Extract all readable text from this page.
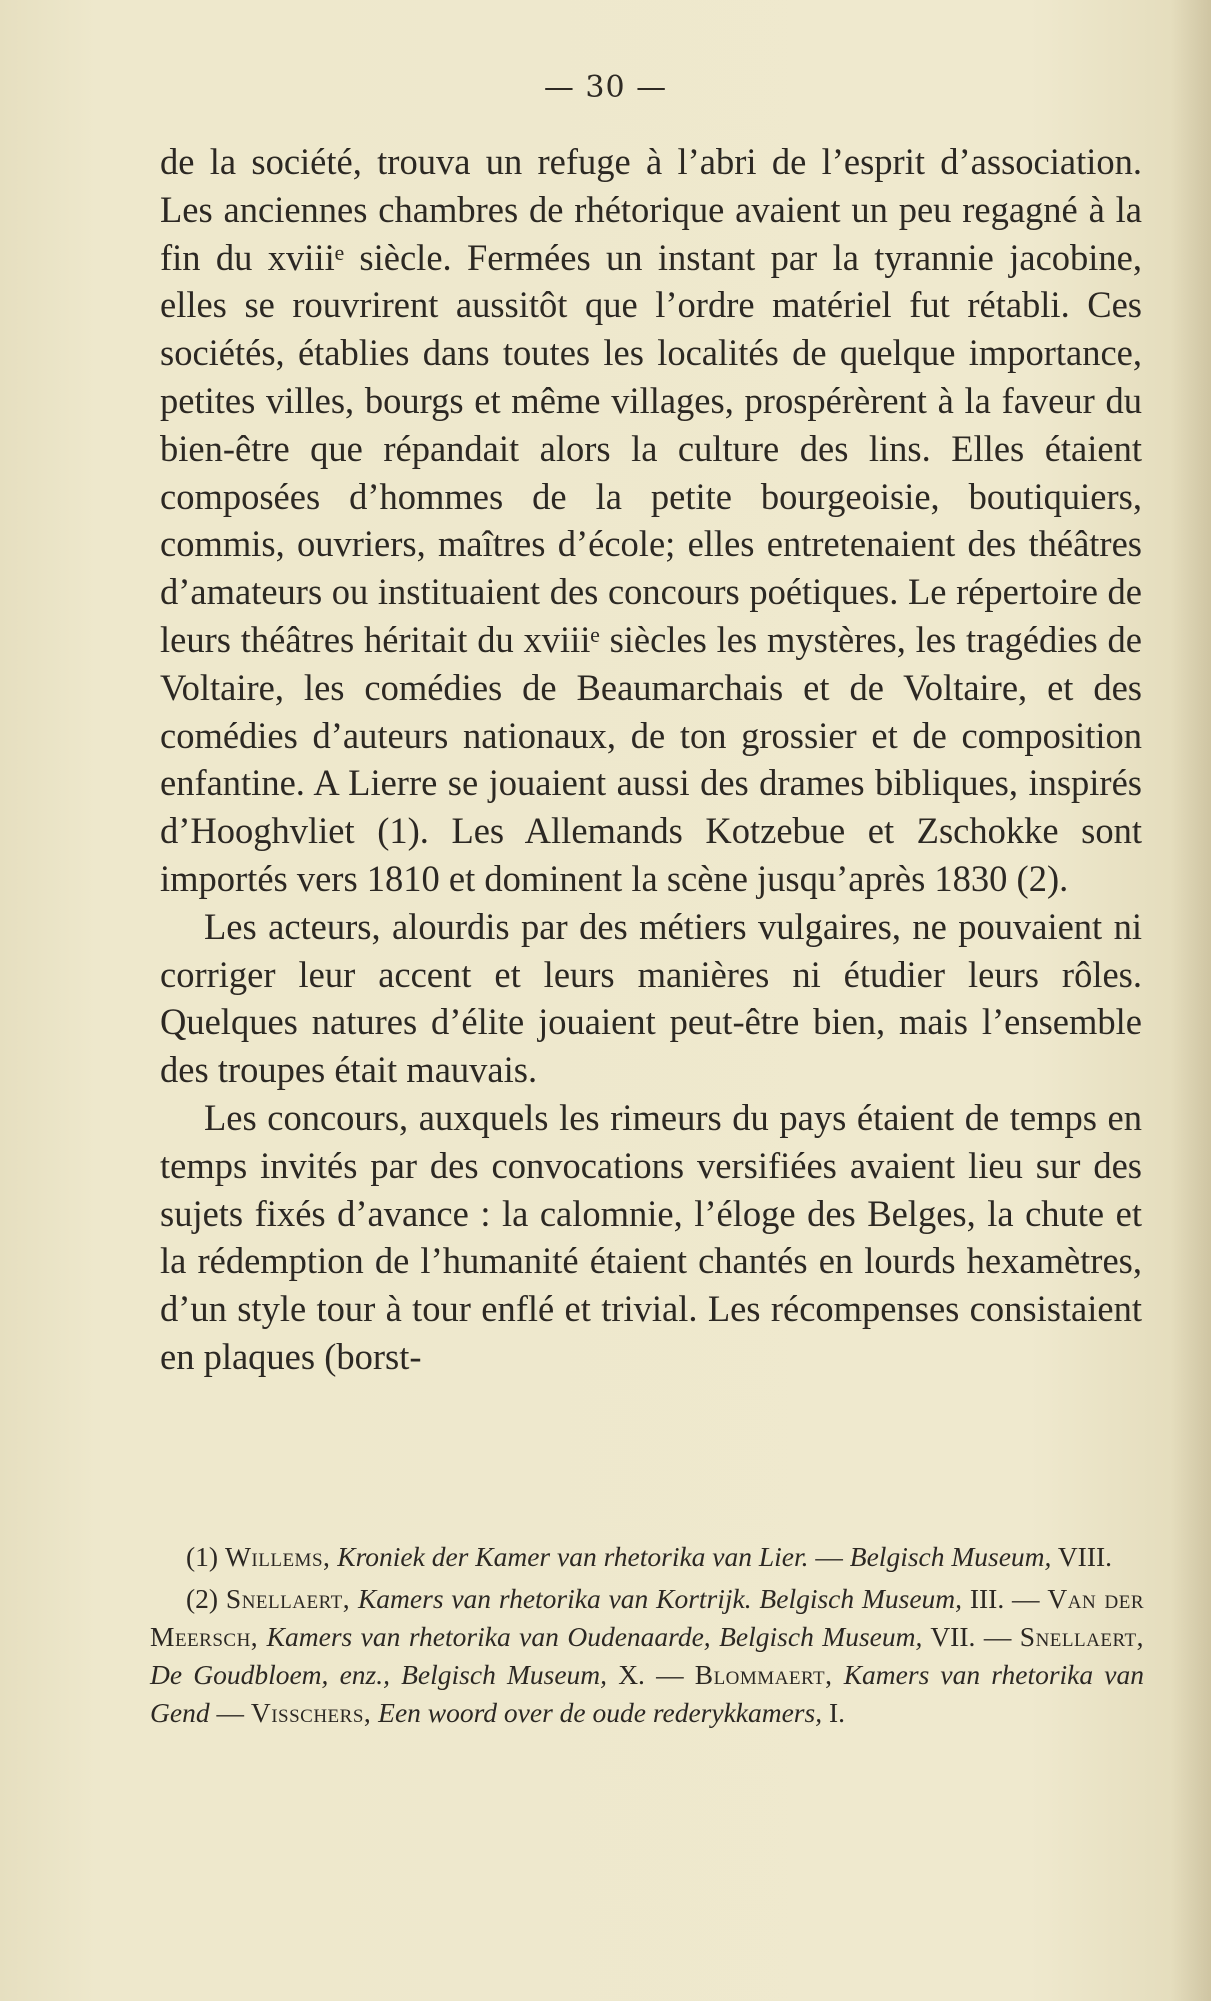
— 30 —

de la société, trouva un refuge à l’abri de l’esprit d’association. Les anciennes chambres de rhétorique avaient un peu regagné à la fin du xviiiᵉ siècle. Fermées un instant par la tyrannie jacobine, elles se rouvrirent aussitôt que l’ordre matériel fut rétabli. Ces sociétés, établies dans toutes les localités de quelque importance, petites villes, bourgs et même villages, prospérèrent à la faveur du bien-être que répandait alors la culture des lins. Elles étaient composées d’hommes de la petite bourgeoisie, boutiquiers, commis, ouvriers, maîtres d’école; elles entretenaient des théâtres d’amateurs ou instituaient des concours poétiques. Le répertoire de leurs théâtres héritait du xviiiᵉ siècles les mystères, les tragédies de Voltaire, les comédies de Beaumarchais et de Voltaire, et des comédies d’auteurs nationaux, de ton grossier et de composition enfantine. A Lierre se jouaient aussi des drames bibliques, inspirés d’Hooghvliet (1). Les Allemands Kotzebue et Zschokke sont importés vers 1810 et dominent la scène jusqu’après 1830 (2).

Les acteurs, alourdis par des métiers vulgaires, ne pouvaient ni corriger leur accent et leurs manières ni étudier leurs rôles. Quelques natures d’élite jouaient peut-être bien, mais l’ensemble des troupes était mauvais.

Les concours, auxquels les rimeurs du pays étaient de temps en temps invités par des convocations versifiées avaient lieu sur des sujets fixés d’avance : la calomnie, l’éloge des Belges, la chute et la rédemption de l’humanité étaient chantés en lourds hexamètres, d’un style tour à tour enflé et trivial. Les récompenses consistaient en plaques (borst-

(1) Willems, Kroniek der Kamer van rhetorika van Lier. — Belgisch Museum, VIII.

(2) Snellaert, Kamers van rhetorika van Kortrijk. Belgisch Museum, III. — Van der Meersch, Kamers van rhetorika van Oudenaarde, Belgisch Museum, VII. — Snellaert, De Goudbloem, enz., Belgisch Museum, X. — Blommaert, Kamers van rhetorika van Gend — Visschers, Een woord over de oude rederykkamers, I.
